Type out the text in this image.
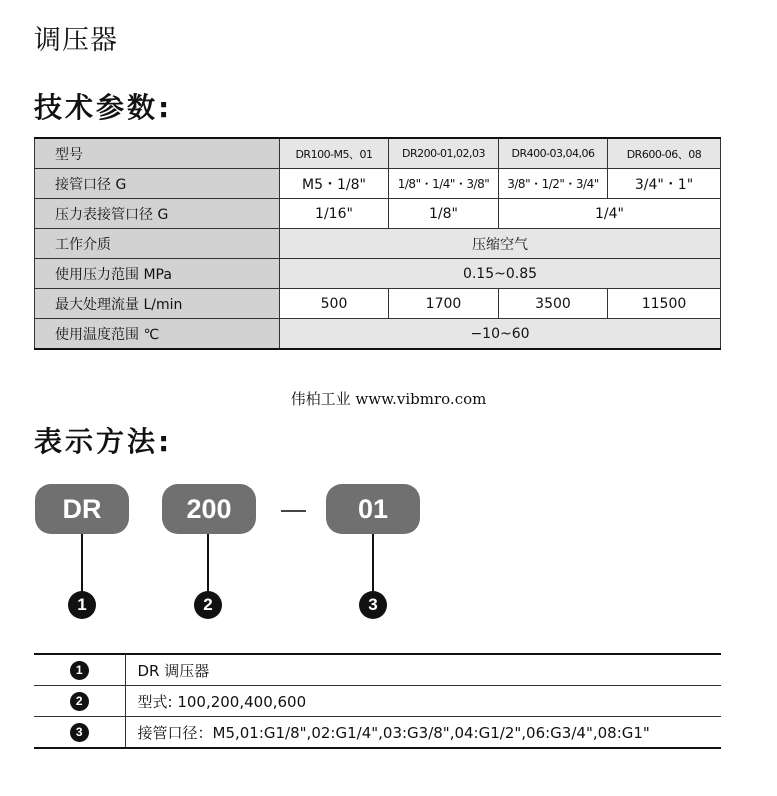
调压器
技术参数:
型号	DR100-M5、01	DR200-01,02,03	DR400-03,04,06	DR600-06、08
接管口径 G	M5・1/8"	1/8"・1/4"・3/8"	3/8"・1/2"・3/4"	3/4"・1"
压力表接管口径 G	1/16"	1/8"	1/4"	
工作介质	压缩空气			
使用压力范围 MPa	0.15~0.85			
最大处理流量 L/min	500	1700	3500	11500
使用温度范围 ℃	−10~60			
伟柏工业 www.vibmro.com
表示方法:
DR	200	01
1	2	3
1	DR 调压器
2	型式: 100,200,400,600
3	接管口径：M5,01:G1/8",02:G1/4",03:G3/8",04:G1/2",06:G3/4",08:G1"
